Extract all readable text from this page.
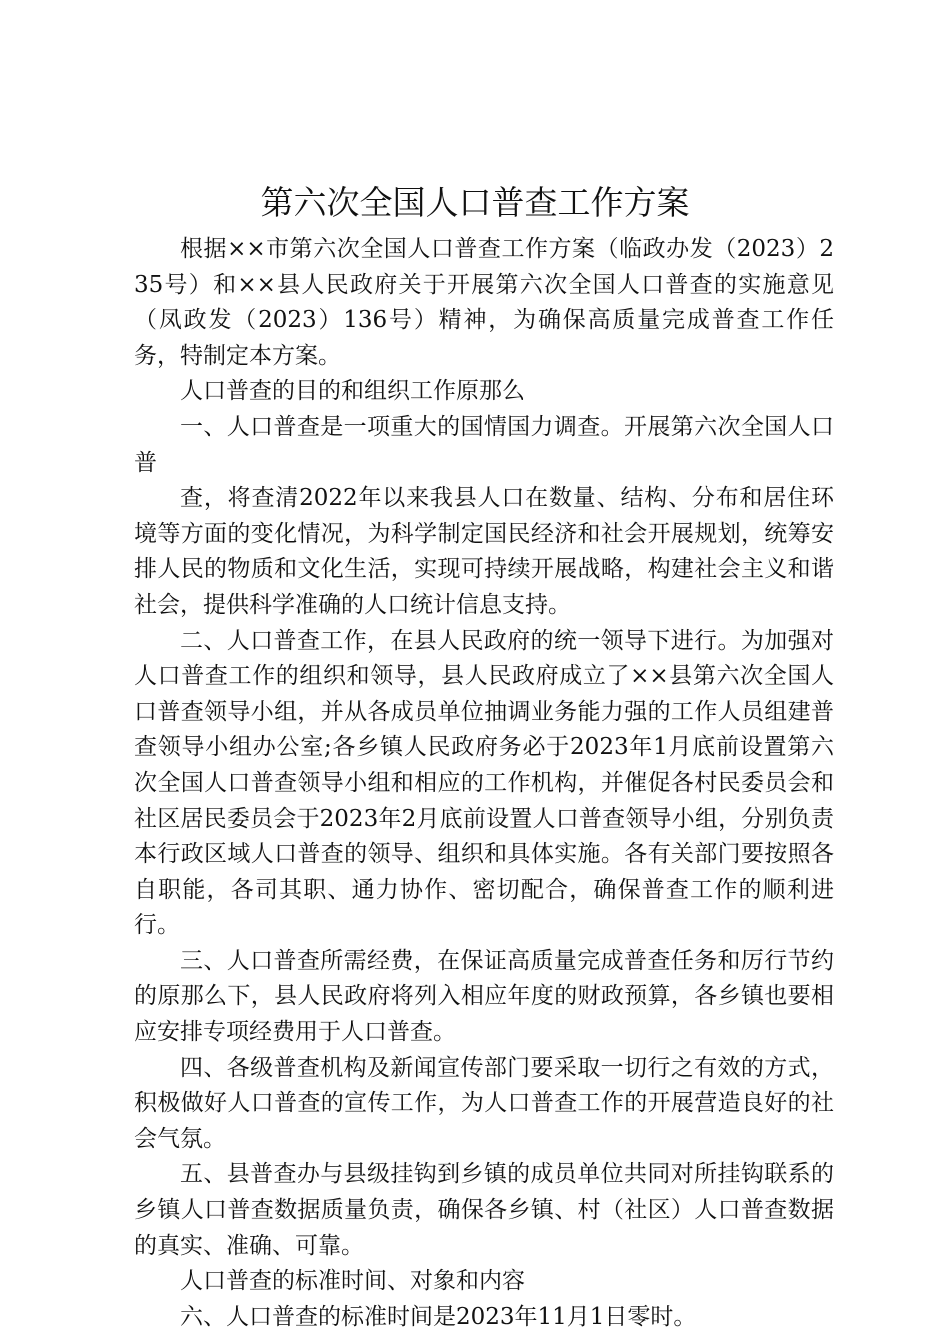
第六次全国人口普查工作方案

根据××市第六次全国人口普查工作方案（临政办发（2023）235号）和××县人民政府关于开展第六次全国人口普查的实施意见（凤政发（2023）136号）精神，为确保高质量完成普查工作任务，特制定本方案。

人口普查的目的和组织工作原那么

一、人口普查是一项重大的国情国力调查。开展第六次全国人口普

查，将查清2022年以来我县人口在数量、结构、分布和居住环境等方面的变化情况，为科学制定国民经济和社会开展规划，统筹安排人民的物质和文化生活，实现可持续开展战略，构建社会主义和谐社会，提供科学准确的人口统计信息支持。

二、人口普查工作，在县人民政府的统一领导下进行。为加强对人口普查工作的组织和领导，县人民政府成立了××县第六次全国人口普查领导小组，并从各成员单位抽调业务能力强的工作人员组建普查领导小组办公室;各乡镇人民政府务必于2023年1月底前设置第六次全国人口普查领导小组和相应的工作机构，并催促各村民委员会和社区居民委员会于2023年2月底前设置人口普查领导小组，分别负责本行政区域人口普查的领导、组织和具体实施。各有关部门要按照各自职能，各司其职、通力协作、密切配合，确保普查工作的顺利进行。

三、人口普查所需经费，在保证高质量完成普查任务和厉行节约的原那么下，县人民政府将列入相应年度的财政预算，各乡镇也要相应安排专项经费用于人口普查。

四、各级普查机构及新闻宣传部门要采取一切行之有效的方式，积极做好人口普查的宣传工作，为人口普查工作的开展营造良好的社会气氛。

五、县普查办与县级挂钩到乡镇的成员单位共同对所挂钩联系的乡镇人口普查数据质量负责，确保各乡镇、村（社区）人口普查数据的真实、准确、可靠。

人口普查的标准时间、对象和内容

六、人口普查的标准时间是2023年11月1日零时。
